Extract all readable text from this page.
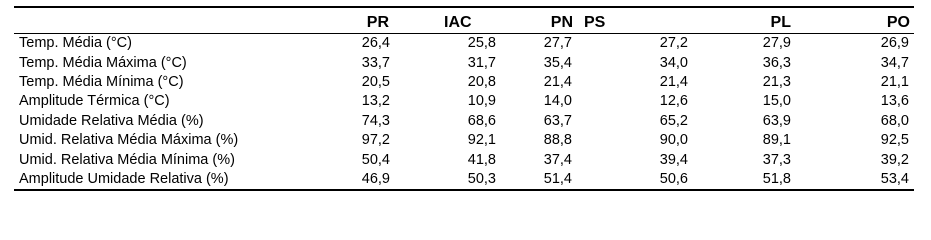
	PR	IAC	PN	PS	PL	PO
Temp. Média (°C)	26,4	25,8	27,7	27,2	27,9	26,9
Temp. Média Máxima (°C)	33,7	31,7	35,4	34,0	36,3	34,7
Temp. Média Mínima (°C)	20,5	20,8	21,4	21,4	21,3	21,1
Amplitude Térmica (°C)	13,2	10,9	14,0	12,6	15,0	13,6
Umidade Relativa Média (%)	74,3	68,6	63,7	65,2	63,9	68,0
Umid. Relativa Média Máxima (%)	97,2	92,1	88,8	90,0	89,1	92,5
Umid. Relativa Média Mínima (%)	50,4	41,8	37,4	39,4	37,3	39,2
Amplitude Umidade Relativa (%)	46,9	50,3	51,4	50,6	51,8	53,4
